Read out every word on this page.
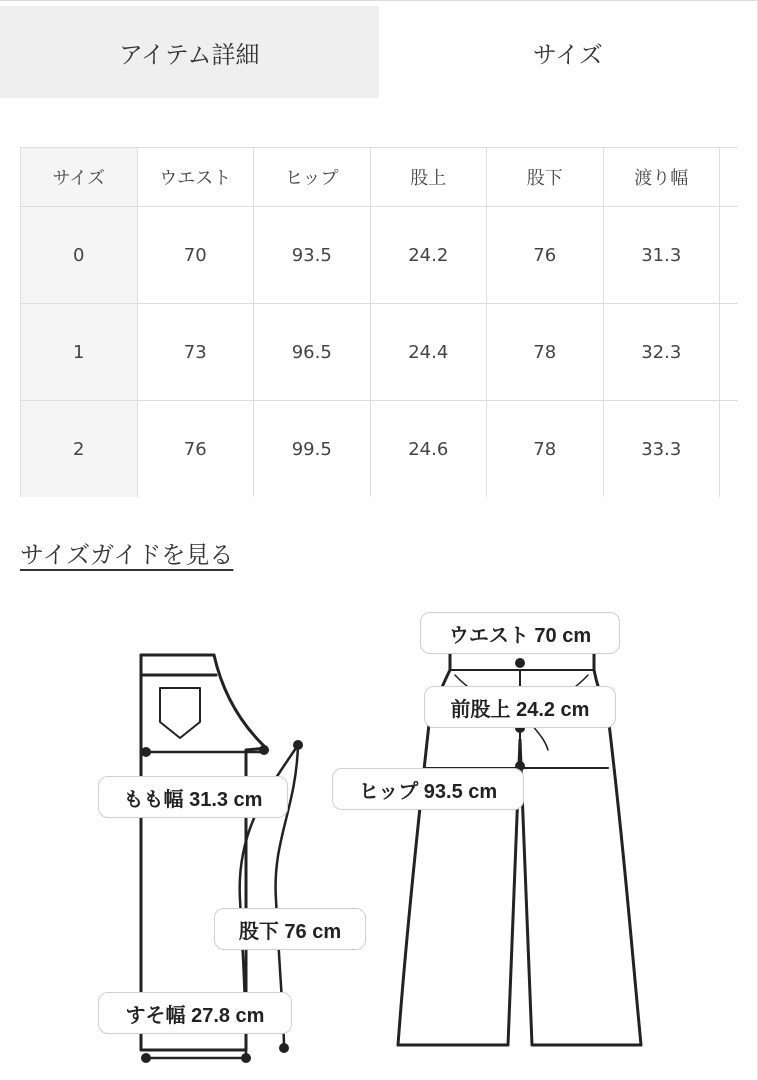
アイテム詳細	サイズ
サイズ	ウエスト	ヒップ	股上	股下	渡り幅	
0	70	93.5	24.2	76	31.3	
1	73	96.5	24.4	78	32.3	
2	76	99.5	24.6	78	33.3	
サイズガイドを見る
ウエスト 70 cm
前股上 24.2 cm
ヒップ 93.5 cm
もも幅 31.3 cm
股下 76 cm
すそ幅 27.8 cm
